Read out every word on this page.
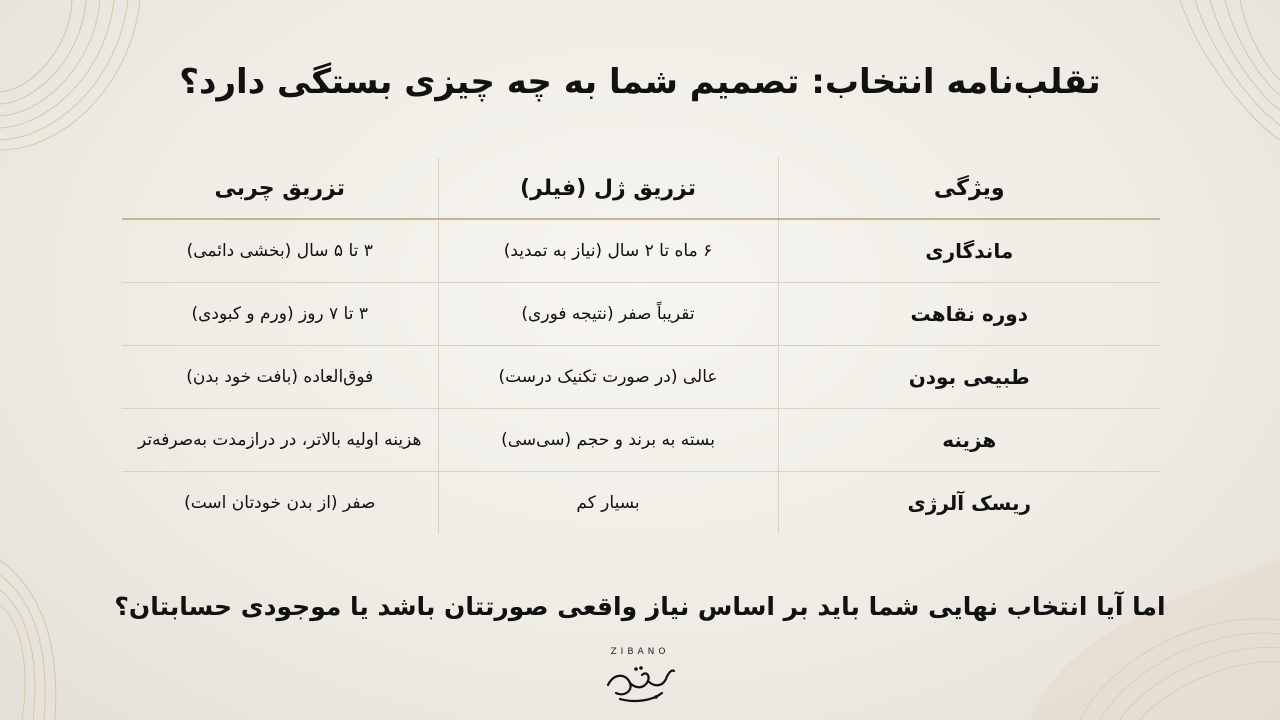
تقلب‌نامه انتخاب: تصمیم شما به چه چیزی بستگی دارد؟
ویژگی	تزریق ژل (فیلر)	تزریق چربی
ماندگاری	۶ ماه تا ۲ سال (نیاز به تمدید)	۳ تا ۵ سال (بخشی دائمی)
دوره نقاهت	تقریباً صفر (نتیجه فوری)	۳ تا ۷ روز (ورم و کبودی)
طبیعی بودن	عالی (در صورت تکنیک درست)	فوق‌العاده (بافت خود بدن)
هزینه	بسته به برند و حجم (سی‌سی)	هزینه اولیه بالاتر، در درازمدت به‌صرفه‌تر
ریسک آلرژی	بسیار کم	صفر (از بدن خودتان است)

اما آیا انتخاب نهایی شما باید بر اساس نیاز واقعی صورتتان باشد یا موجودی حسابتان؟

ZIBANO
